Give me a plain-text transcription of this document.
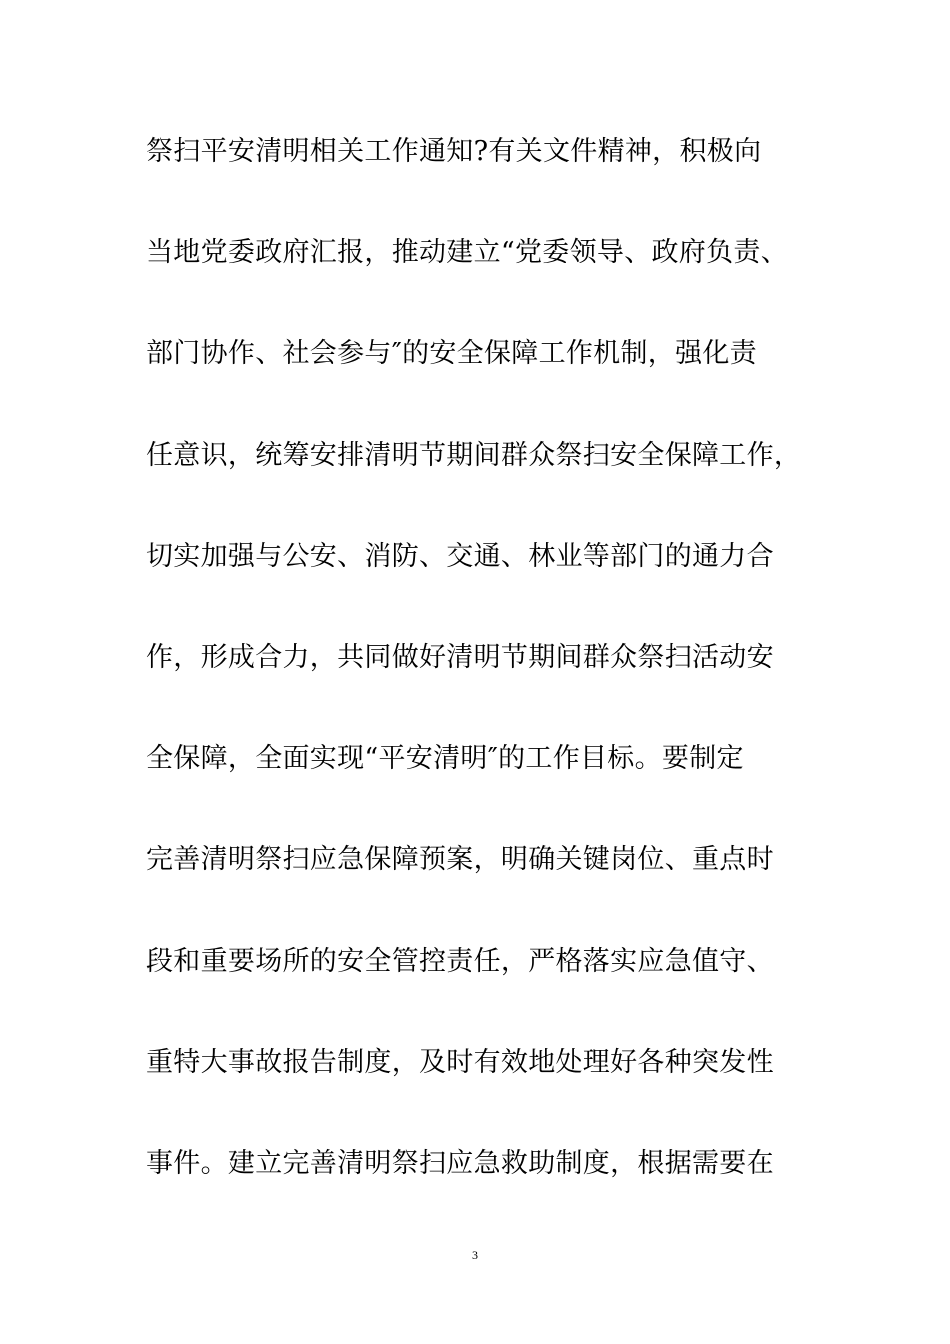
祭扫平安清明相关工作通知?有关文件精神，积极向
当地党委政府汇报，推动建立“党委领导、政府负责、
部门协作、社会参与″的安全保障工作机制，强化责
任意识，统筹安排清明节期间群众祭扫安全保障工作，
切实加强与公安、消防、交通、林业等部门的通力合
作，形成合力，共同做好清明节期间群众祭扫活动安
全保障，全面实现“平安清明″的工作目标。要制定
完善清明祭扫应急保障预案，明确关键岗位、重点时
段和重要场所的安全管控责任，严格落实应急值守、
重特大事故报告制度，及时有效地处理好各种突发性
事件。建立完善清明祭扫应急救助制度，根据需要在
3
